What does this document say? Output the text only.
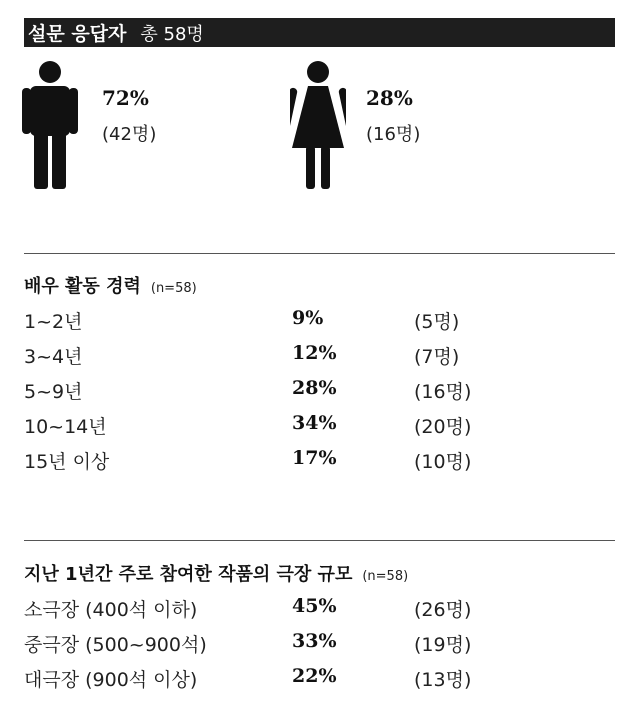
설문 응답자 총 58명
72%
(42명)
28%
(16명)
배우 활동 경력 (n=58)
1~2년	9%	(5명)
3~4년	12%	(7명)
5~9년	28%	(16명)
10~14년	34%	(20명)
15년 이상	17%	(10명)
지난 1년간 주로 참여한 작품의 극장 규모 (n=58)
소극장 (400석 이하)	45%	(26명)
중극장 (500~900석)	33%	(19명)
대극장 (900석 이상)	22%	(13명)
